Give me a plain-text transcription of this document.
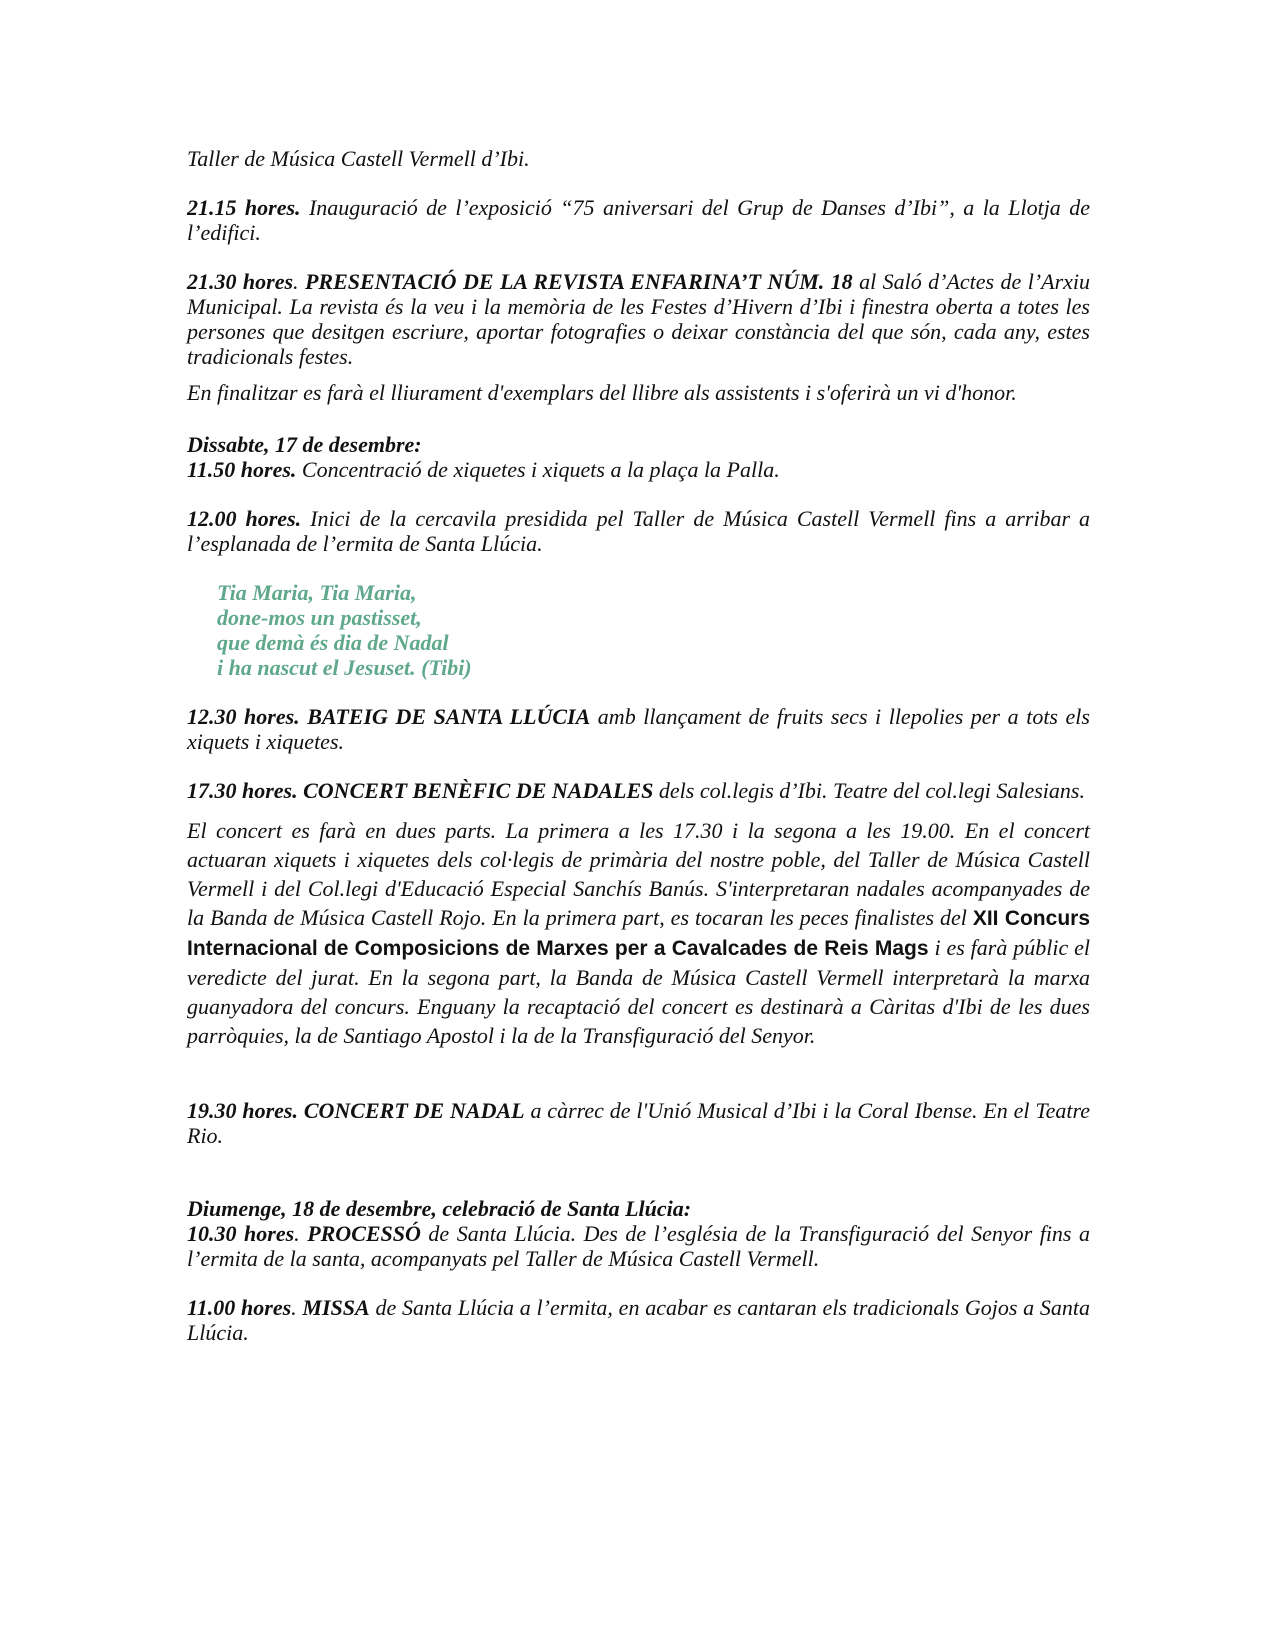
Taller de Música Castell Vermell d’Ibi.

21.15 hores. Inauguració de l’exposició “75 aniversari del Grup de Danses d’Ibi”, a la Llotja de l’edifici.

21.30 hores. PRESENTACIÓ DE LA REVISTA ENFARINA’T NÚM. 18 al Saló d’Actes de l’Arxiu Municipal. La revista és la veu i la memòria de les Festes d’Hivern d’Ibi i finestra oberta a totes les persones que desitgen escriure, aportar fotografies o deixar constància del que són, cada any, estes tradicionals festes.

En finalitzar es farà el lliurament d'exemplars del llibre als assistents i s'oferirà un vi d'honor.

Dissabte, 17 de desembre:

11.50 hores. Concentració de xiquetes i xiquets a la plaça la Palla.

12.00 hores. Inici de la cercavila presidida pel Taller de Música Castell Vermell fins a arribar a l’esplanada de l’ermita de Santa Llúcia.

Tia Maria, Tia Maria,
done-mos un pastisset,
que demà és dia de Nadal
i ha nascut el Jesuset. (Tibi)

12.30 hores. BATEIG DE SANTA LLÚCIA amb llançament de fruits secs i llepolies per a tots els xiquets i xiquetes.

17.30 hores. CONCERT BENÈFIC DE NADALES dels col.legis d’Ibi. Teatre del col.legi Salesians.

El concert es farà en dues parts. La primera a les 17.30 i la segona a les 19.00. En el concert actuaran xiquets i xiquetes dels col·legis de primària del nostre poble, del Taller de Música Castell Vermell i del Col.legi d'Educació Especial Sanchís Banús. S'interpretaran nadales acompanyades de la Banda de Música Castell Rojo. En la primera part, es tocaran les peces finalistes del XII Concurs Internacional de Composicions de Marxes per a Cavalcades de Reis Mags i es farà públic el veredicte del jurat. En la segona part, la Banda de Música Castell Vermell interpretarà la marxa guanyadora del concurs. Enguany la recaptació del concert es destinarà a Càritas d'Ibi de les dues parròquies, la de Santiago Apostol i la de la Transfiguració del Senyor.

19.30 hores. CONCERT DE NADAL a càrrec de l'Unió Musical d’Ibi i la Coral Ibense. En el Teatre Rio.

Diumenge, 18 de desembre, celebració de Santa Llúcia:

10.30 hores. PROCESSÓ de Santa Llúcia. Des de l’església de la Transfiguració del Senyor fins a l’ermita de la santa, acompanyats pel Taller de Música Castell Vermell.

11.00 hores. MISSA de Santa Llúcia a l’ermita, en acabar es cantaran els tradicionals Gojos a Santa Llúcia.
